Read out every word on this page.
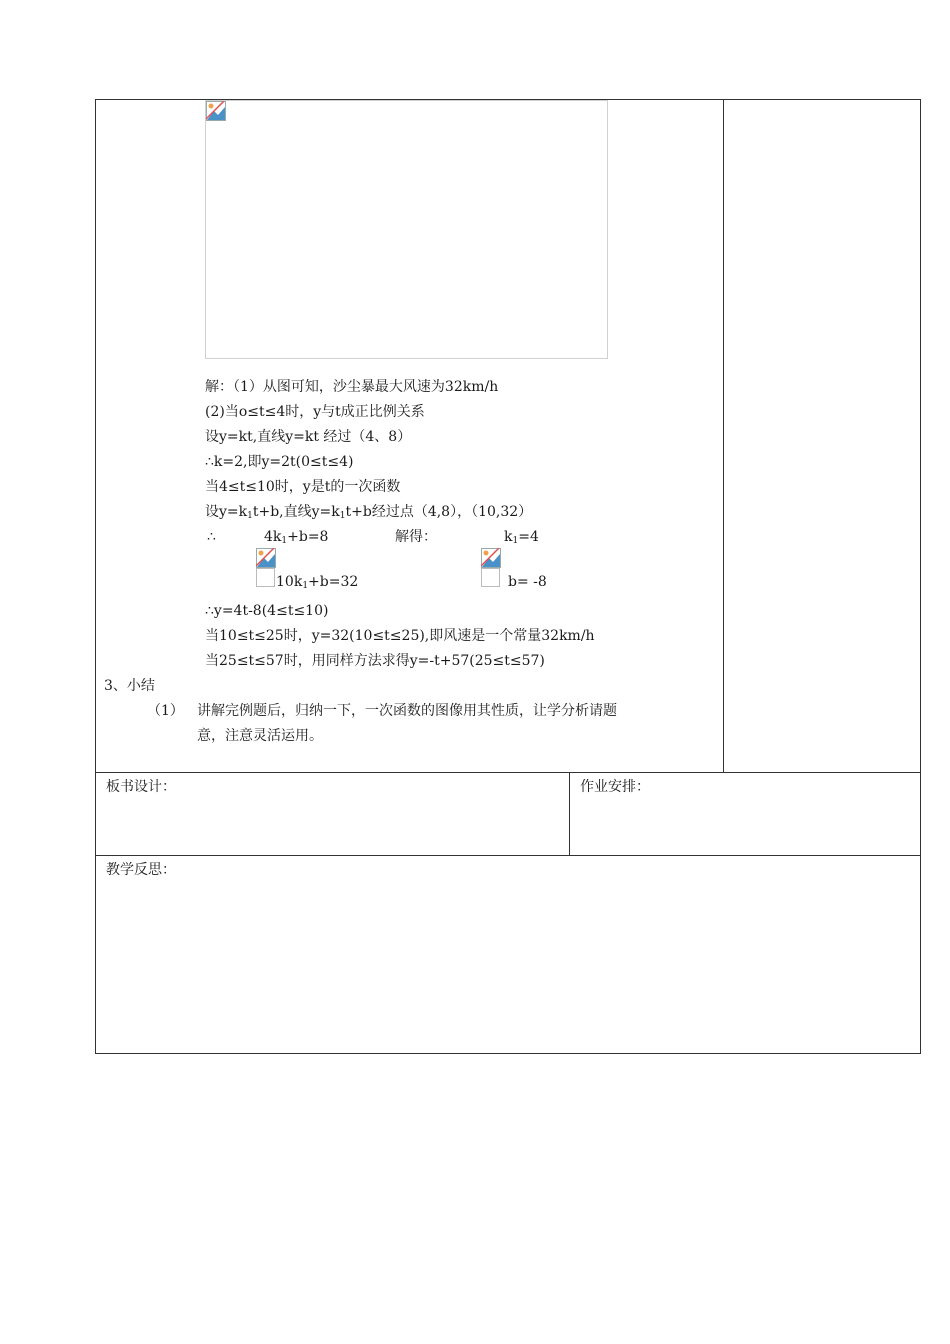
解：（1）从图可知，沙尘暴最大风速为32km/h
(2)当o≤t≤4时，y与t成正比例关系
设y=kt,直线y=kt 经过（4、8）
∴k=2,即y=2t(0≤t≤4)
当4≤t≤10时，y是t的一次函数
设$y=k_1t+b$,直线$y=k_1t+b$经过点（4,8），（10,32）
∴	$4k_1+b=8$	解得：	$k_1=4$
$10k_1+b=32$	b= -8
∴y=4t-8(4≤t≤10)
当10≤t≤25时，y=32(10≤t≤25),即风速是一个常量32km/h
当25≤t≤57时，用同样方法求得y=-t+57(25≤t≤57)
3、小结
（1） 讲解完例题后，归纳一下，一次函数的图像用其性质，让学分析请题
意，注意灵活运用。
板书设计：	作业安排：
教学反思：
